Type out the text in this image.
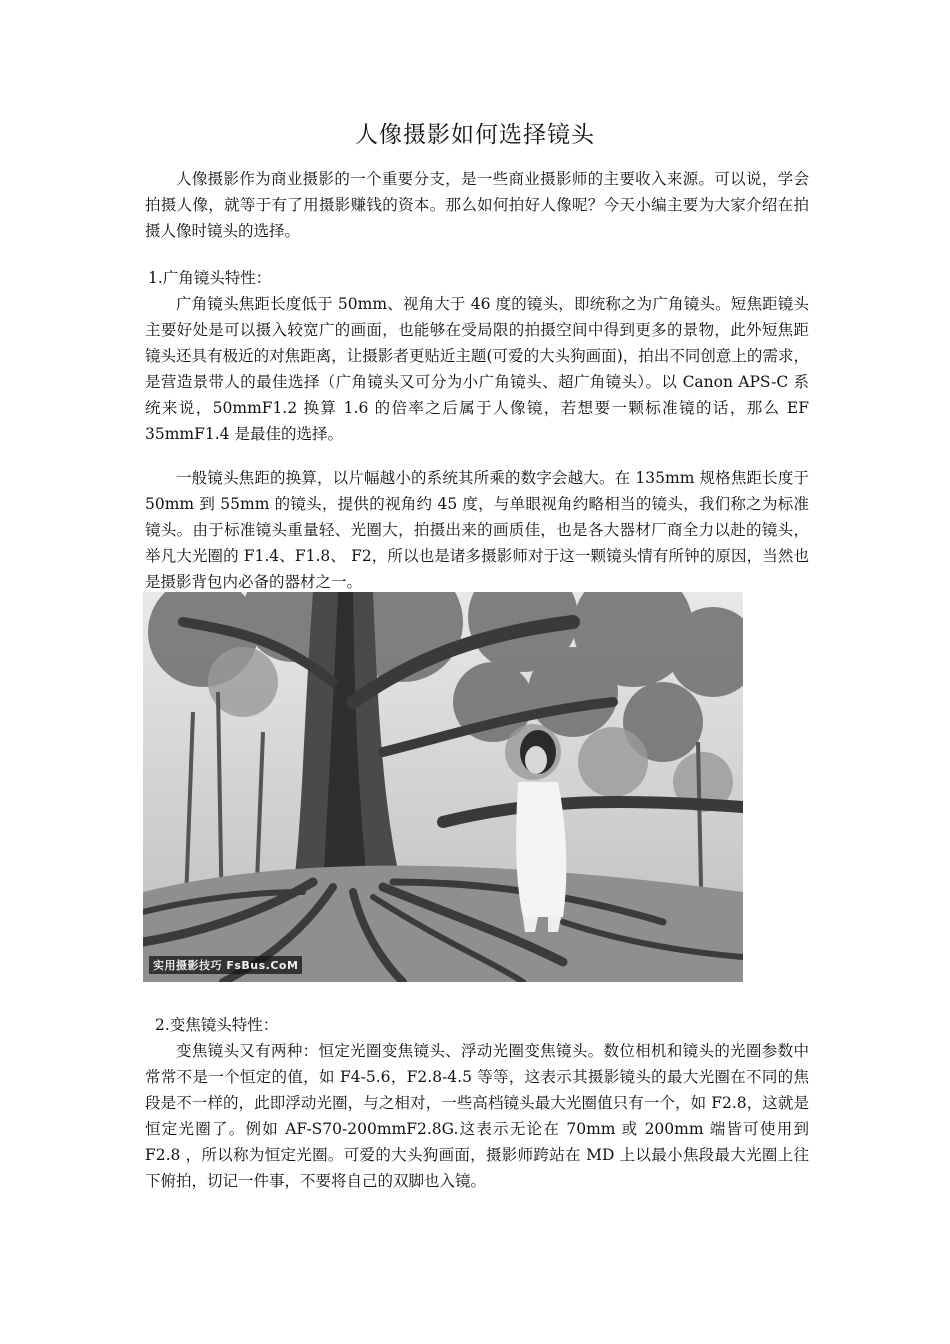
人像摄影如何选择镜头

人像摄影作为商业摄影的一个重要分支，是一些商业摄影师的主要收入来源。可以说，学会拍摄人像，就等于有了用摄影赚钱的资本。那么如何拍好人像呢？今天小编主要为大家介绍在拍摄人像时镜头的选择。

1.广角镜头特性：

广角镜头焦距长度低于 50mm、视角大于 46 度的镜头，即统称之为广角镜头。短焦距镜头主要好处是可以摄入较宽广的画面，也能够在受局限的拍摄空间中得到更多的景物，此外短焦距镜头还具有极近的对焦距离，让摄影者更贴近主题(可爱的大头狗画面)，拍出不同创意上的需求，是营造景带人的最佳选择（广角镜头又可分为小广角镜头、超广角镜头）。以 Canon APS-C 系统来说，50mmF1.2 换算 1.6 的倍率之后属于人像镜，若想要一颗标准镜的话，那么 EF 35mmF1.4 是最佳的选择。

一般镜头焦距的换算，以片幅越小的系统其所乘的数字会越大。在 135mm 规格焦距长度于 50mm 到 55mm 的镜头，提供的视角约 45 度，与单眼视角约略相当的镜头，我们称之为标准镜头。由于标准镜头重量轻、光圈大，拍摄出来的画质佳，也是各大器材厂商全力以赴的镜头，举凡大光圈的 F1.4、F1.8、 F2，所以也是诸多摄影师对于这一颗镜头情有所钟的原因，当然也是摄影背包内必备的器材之一。

实用摄影技巧 FsBus.CoM

2.变焦镜头特性：

变焦镜头又有两种：恒定光圈变焦镜头、浮动光圈变焦镜头。数位相机和镜头的光圈参数中常常不是一个恒定的值，如 F4-5.6，F2.8-4.5 等等，这表示其摄影镜头的最大光圈在不同的焦段是不一样的，此即浮动光圈，与之相对，一些高档镜头最大光圈值只有一个，如 F2.8，这就是恒定光圈了。例如 AF-S70-200mmF2.8G.这表示无论在 70mm 或 200mm 端皆可使用到 F2.8 ，所以称为恒定光圈。可爱的大头狗画面，摄影师跨站在 MD 上以最小焦段最大光圈上往下俯拍，切记一件事，不要将自己的双脚也入镜。
